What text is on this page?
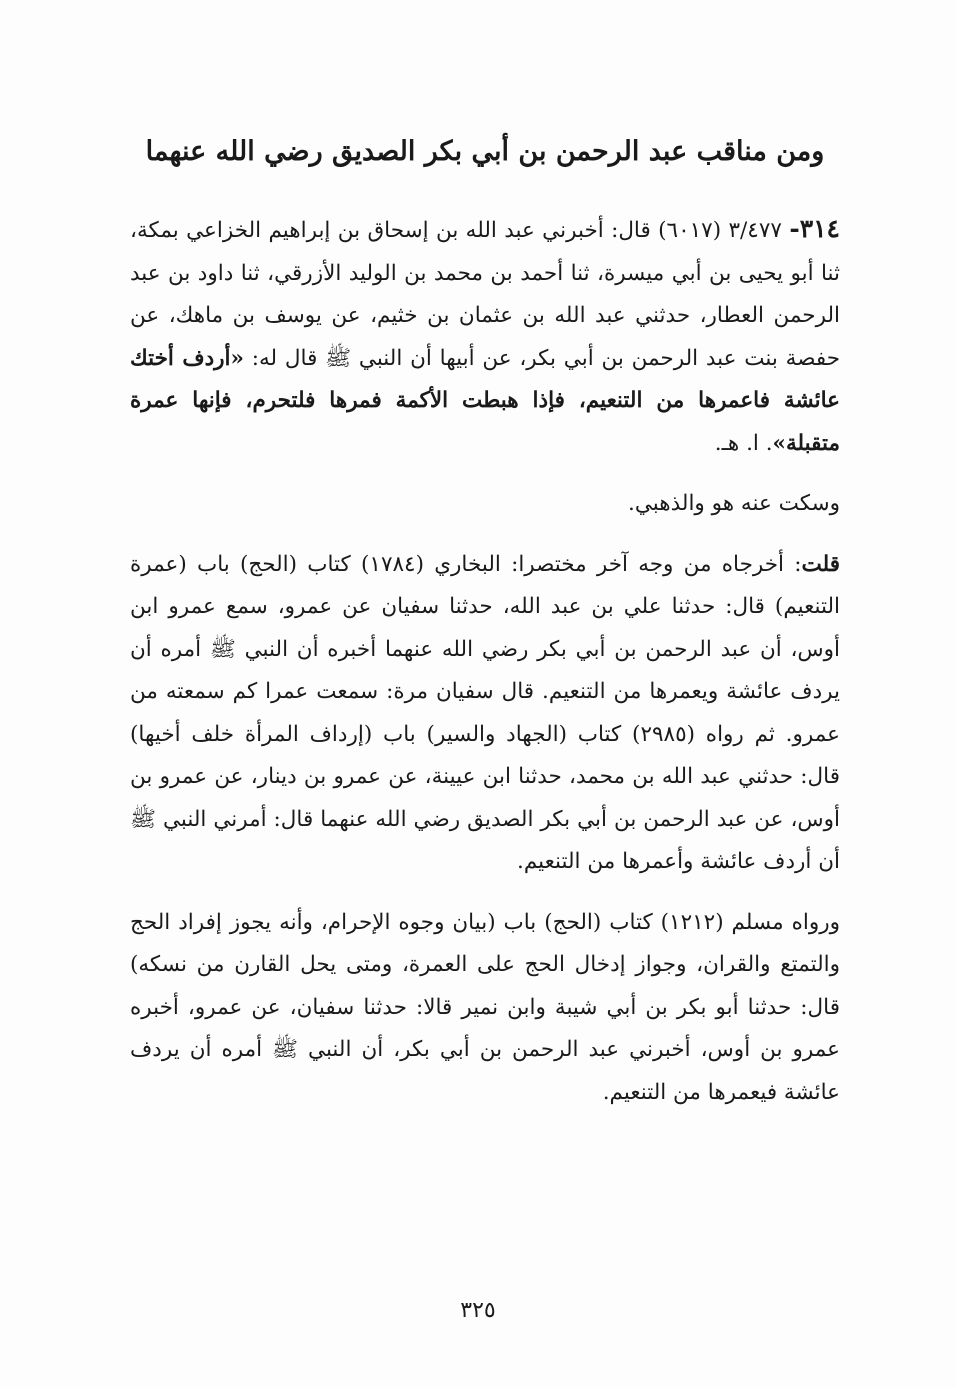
ومن مناقب عبد الرحمن بن أبي بكر الصديق رضي الله عنهما

٣١٤- ٣/٤٧٧ (٦٠١٧) قال: أخبرني عبد الله بن إسحاق بن إبراهيم الخزاعي بمكة، ثنا أبو يحيى بن أبي ميسرة، ثنا أحمد بن محمد بن الوليد الأزرقي، ثنا داود بن عبد الرحمن العطار، حدثني عبد الله بن عثمان بن خثيم، عن يوسف بن ماهك، عن حفصة بنت عبد الرحمن بن أبي بكر، عن أبيها أن النبي ﷺ قال له: «أردف أختك عائشة فاعمرها من التنعيم، فإذا هبطت الأكمة فمرها فلتحرم، فإنها عمرة متقبلة». ا. هـ.

وسكت عنه هو والذهبي.

قلت: أخرجاه من وجه آخر مختصرا: البخاري (١٧٨٤) كتاب (الحج) باب (عمرة التنعيم) قال: حدثنا علي بن عبد الله، حدثنا سفيان عن عمرو، سمع عمرو ابن أوس، أن عبد الرحمن بن أبي بكر رضي الله عنهما أخبره أن النبي ﷺ أمره أن يردف عائشة ويعمرها من التنعيم. قال سفيان مرة: سمعت عمرا كم سمعته من عمرو. ثم رواه (٢٩٨٥) كتاب (الجهاد والسير) باب (إرداف المرأة خلف أخيها) قال: حدثني عبد الله بن محمد، حدثنا ابن عيينة، عن عمرو بن دينار، عن عمرو بن أوس، عن عبد الرحمن بن أبي بكر الصديق رضي الله عنهما قال: أمرني النبي ﷺ أن أردف عائشة وأعمرها من التنعيم.

ورواه مسلم (١٢١٢) كتاب (الحج) باب (بيان وجوه الإحرام، وأنه يجوز إفراد الحج والتمتع والقران، وجواز إدخال الحج على العمرة، ومتى يحل القارن من نسكه) قال: حدثنا أبو بكر بن أبي شيبة وابن نمير قالا: حدثنا سفيان، عن عمرو، أخبره عمرو بن أوس، أخبرني عبد الرحمن بن أبي بكر، أن النبي ﷺ أمره أن يردف عائشة فيعمرها من التنعيم.

٣٢٥
